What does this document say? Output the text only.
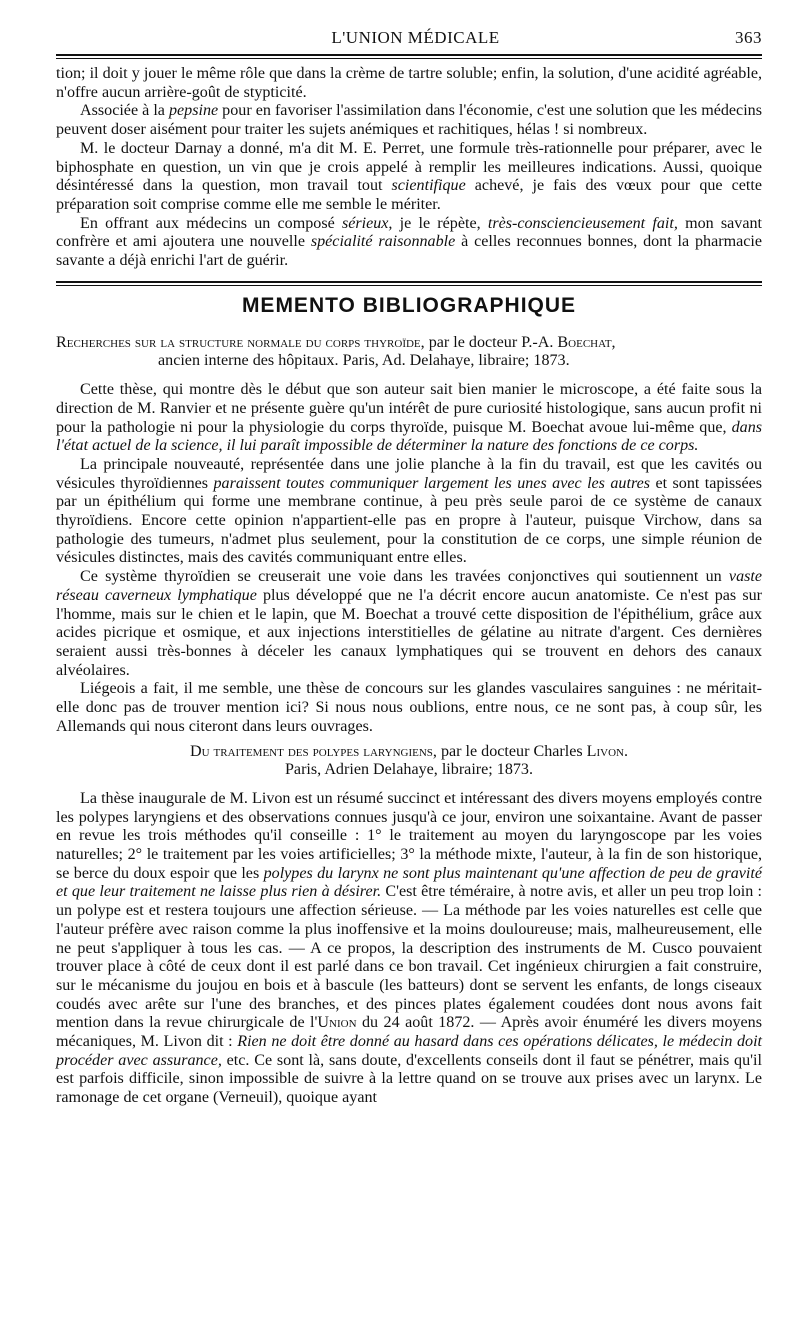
L'UNION MÉDICALE	363

tion; il doit y jouer le même rôle que dans la crème de tartre soluble; enfin, la solution, d'une acidité agréable, n'offre aucun arrière-goût de stypticité.

Associée à la pepsine pour en favoriser l'assimilation dans l'économie, c'est une solution que les médecins peuvent doser aisément pour traiter les sujets anémiques et rachitiques, hélas ! si nombreux.

M. le docteur Darnay a donné, m'a dit M. E. Perret, une formule très-rationnelle pour préparer, avec le biphosphate en question, un vin que je crois appelé à remplir les meilleures indications. Aussi, quoique désintéressé dans la question, mon travail tout scientifique achevé, je fais des vœux pour que cette préparation soit comprise comme elle me semble le mériter.

En offrant aux médecins un composé sérieux, je le répète, très-consciencieusement fait, mon savant confrère et ami ajoutera une nouvelle spécialité raisonnable à celles reconnues bonnes, dont la pharmacie savante a déjà enrichi l'art de guérir.

MEMENTO BIBLIOGRAPHIQUE
Recherches sur la structure normale du corps thyroïde, par le docteur P.-A. Boechat,
ancien interne des hôpitaux. Paris, Ad. Delahaye, libraire; 1873.

Cette thèse, qui montre dès le début que son auteur sait bien manier le microscope, a été faite sous la direction de M. Ranvier et ne présente guère qu'un intérêt de pure curiosité histologique, sans aucun profit ni pour la pathologie ni pour la physiologie du corps thyroïde, puisque M. Boechat avoue lui-même que, dans l'état actuel de la science, il lui paraît impossible de déterminer la nature des fonctions de ce corps.

La principale nouveauté, représentée dans une jolie planche à la fin du travail, est que les cavités ou vésicules thyroïdiennes paraissent toutes communiquer largement les unes avec les autres et sont tapissées par un épithélium qui forme une membrane continue, à peu près seule paroi de ce système de canaux thyroïdiens. Encore cette opinion n'appartient-elle pas en propre à l'auteur, puisque Virchow, dans sa pathologie des tumeurs, n'admet plus seulement, pour la constitution de ce corps, une simple réunion de vésicules distinctes, mais des cavités communiquant entre elles.

Ce système thyroïdien se creuserait une voie dans les travées conjonctives qui soutiennent un vaste réseau caverneux lymphatique plus développé que ne l'a décrit encore aucun anatomiste. Ce n'est pas sur l'homme, mais sur le chien et le lapin, que M. Boechat a trouvé cette disposition de l'épithélium, grâce aux acides picrique et osmique, et aux injections interstitielles de gélatine au nitrate d'argent. Ces dernières seraient aussi très-bonnes à déceler les canaux lymphatiques qui se trouvent en dehors des canaux alvéolaires.

Liégeois a fait, il me semble, une thèse de concours sur les glandes vasculaires sanguines : ne méritait-elle donc pas de trouver mention ici? Si nous nous oublions, entre nous, ce ne sont pas, à coup sûr, les Allemands qui nous citeront dans leurs ouvrages.

Du traitement des polypes laryngiens, par le docteur Charles Livon.
Paris, Adrien Delahaye, libraire; 1873.

La thèse inaugurale de M. Livon est un résumé succinct et intéressant des divers moyens employés contre les polypes laryngiens et des observations connues jusqu'à ce jour, environ une soixantaine. Avant de passer en revue les trois méthodes qu'il conseille : 1° le traitement au moyen du laryngoscope par les voies naturelles; 2° le traitement par les voies artificielles; 3° la méthode mixte, l'auteur, à la fin de son historique, se berce du doux espoir que les polypes du larynx ne sont plus maintenant qu'une affection de peu de gravité et que leur traitement ne laisse plus rien à désirer. C'est être téméraire, à notre avis, et aller un peu trop loin : un polype est et restera toujours une affection sérieuse. — La méthode par les voies naturelles est celle que l'auteur préfère avec raison comme la plus inoffensive et la moins douloureuse; mais, malheureusement, elle ne peut s'appliquer à tous les cas. — A ce propos, la description des instruments de M. Cusco pouvaient trouver place à côté de ceux dont il est parlé dans ce bon travail. Cet ingénieux chirurgien a fait construire, sur le mécanisme du joujou en bois et à bascule (les batteurs) dont se servent les enfants, de longs ciseaux coudés avec arête sur l'une des branches, et des pinces plates également coudées dont nous avons fait mention dans la revue chirurgicale de l'Union du 24 août 1872. — Après avoir énuméré les divers moyens mécaniques, M. Livon dit : Rien ne doit être donné au hasard dans ces opérations délicates, le médecin doit procéder avec assurance, etc. Ce sont là, sans doute, d'excellents conseils dont il faut se pénétrer, mais qu'il est parfois difficile, sinon impossible de suivre à la lettre quand on se trouve aux prises avec un larynx. Le ramonage de cet organe (Verneuil), quoique ayant
